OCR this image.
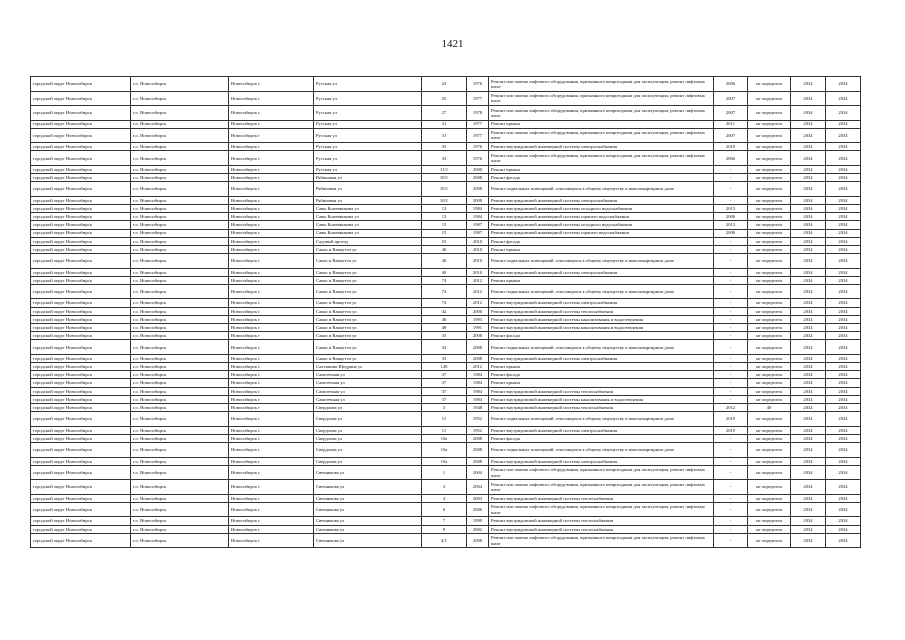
1421
городской округ Новосибирск	г.о. Новосибирск	Новосибирск г	Русская ул	23	1976	Ремонт или замена лифтового оборудования, признанного непригодным для эксплуатации, ремонт лифтовых шахт	2006	не определен	2034	2034
городской округ Новосибирск	г.о. Новосибирск	Новосибирск г	Русская ул	25	1977	Ремонт или замена лифтового оборудования, признанного непригодным для эксплуатации, ремонт лифтовых шахт	2007	не определен	2034	2034
городской округ Новосибирск	г.о. Новосибирск	Новосибирск г	Русская ул	27	1978	Ремонт или замена лифтового оборудования, признанного непригодным для эксплуатации, ремонт лифтовых шахт	2007	не определен	2034	2034
городской округ Новосибирск	г.о. Новосибирск	Новосибирск г	Русская ул	31	1977	Ремонт крыши	2011	не определен	2034	2034
городской округ Новосибирск	г.о. Новосибирск	Новосибирск г	Русская ул	31	1977	Ремонт или замена лифтового оборудования, признанного непригодным для эксплуатации, ремонт лифтовых шахт	2007	не определен	2034	2034
городской округ Новосибирск	г.о. Новосибирск	Новосибирск г	Русская ул	33	1976	Ремонт внутридомовой инженерной системы электроснабжения	2010	не определен	2034	2034
городской округ Новосибирск	г.о. Новосибирск	Новосибирск г	Русская ул	33	1976	Ремонт или замена лифтового оборудования, признанного непригодным для эксплуатации, ремонт лифтовых шахт	2006	не определен	2034	2034
городской округ Новосибирск	г.о. Новосибирск	Новосибирск г	Русская ул	11/1	2000	Ремонт крыши	-	не определен	2034	2034
городской округ Новосибирск	г.о. Новосибирск	Новосибирск г	Рябиновая ул	10/1	2008	Ремонт фасада	-	не определен	2034	2034
городской округ Новосибирск	г.о. Новосибирск	Новосибирск г	Рябиновая ул	10/1	2008	Ремонт подвальных помещений, относящихся к общему имуществу в многоквартирном доме	-	не определен	2034	2034
городской округ Новосибирск	г.о. Новосибирск	Новосибирск г	Рябиновая ул	10/1	2008	Ремонт внутридомовой инженерной системы электроснабжения	-	не определен	2034	2034
городской округ Новосибирск	г.о. Новосибирск	Новосибирск г	Савы Кожевникова ул	13	1984	Ремонт внутридомовой инженерной системы холодного водоснабжения	2013	не определен	2034	2034
городской округ Новосибирск	г.о. Новосибирск	Новосибирск г	Савы Кожевникова ул	13	1984	Ремонт внутридомовой инженерной системы горячего водоснабжения	2006	не определен	2034	2034
городской округ Новосибирск	г.о. Новосибирск	Новосибирск г	Савы Кожевникова ул	15	1987	Ремонт внутридомовой инженерной системы холодного водоснабжения	2013	не определен	2034	2034
городской округ Новосибирск	г.о. Новосибирск	Новосибирск г	Савы Кожевникова ул	15	1987	Ремонт внутридомовой инженерной системы горячего водоснабжения	2006	не определен	2034	2034
городской округ Новосибирск	г.о. Новосибирск	Новосибирск г	Садовый проезд	53	2010	Ремонт фасада	-	не определен	2034	2034
городской округ Новосибирск	г.о. Новосибирск	Новосибирск г	Сакко и Ванцетти ул	40	2010	Ремонт крыши	-	не определен	2034	2034
городской округ Новосибирск	г.о. Новосибирск	Новосибирск г	Сакко и Ванцетти ул	40	2010	Ремонт подвальных помещений, относящихся к общему имуществу в многоквартирном доме	-	не определен	2034	2034
городской округ Новосибирск	г.о. Новосибирск	Новосибирск г	Сакко и Ванцетти ул	40	2010	Ремонт внутридомовой инженерной системы электроснабжения	-	не определен	2034	2034
городской округ Новосибирск	г.о. Новосибирск	Новосибирск г	Сакко и Ванцетти ул	74	2012	Ремонт крыши	-	не определен	2034	2034
городской округ Новосибирск	г.о. Новосибирск	Новосибирск г	Сакко и Ванцетти ул	74	2012	Ремонт подвальных помещений, относящихся к общему имуществу в многоквартирном доме	-	не определен	2034	2034
городской округ Новосибирск	г.о. Новосибирск	Новосибирск г	Сакко и Ванцетти ул	74	2012	Ремонт внутридомовой инженерной системы электроснабжения	-	не определен	2034	2034
городской округ Новосибирск	г.о. Новосибирск	Новосибирск г	Сакко и Ванцетти ул	42	2000	Ремонт внутридомовой инженерной системы теплоснабжения	-	не определен	2034	2034
городской округ Новосибирск	г.о. Новосибирск	Новосибирск г	Сакко и Ванцетти ул	46	1993	Ремонт внутридомовой инженерной системы канализования и водоотведения	-	не определен	2034	2034
городской округ Новосибирск	г.о. Новосибирск	Новосибирск г	Сакко и Ванцетти ул	48	1991	Ремонт внутридомовой инженерной системы канализования и водоотведения	-	не определен	2034	2034
городской округ Новосибирск	г.о. Новосибирск	Новосибирск г	Сакко и Ванцетти ул	33	2008	Ремонт фасада	-	не определен	2034	2034
городской округ Новосибирск	г.о. Новосибирск	Новосибирск г	Сакко и Ванцетти ул	33	2008	Ремонт подвальных помещений, относящихся к общему имуществу в многоквартирном доме	-	не определен	2034	2034
городской округ Новосибирск	г.о. Новосибирск	Новосибирск г	Сакко и Ванцетти ул	33	2008	Ремонт внутридомовой инженерной системы электроснабжения	-	не определен	2034	2034
городской округ Новосибирск	г.о. Новосибирск	Новосибирск г	Салтыкова-Щедрина ул	128	2012	Ремонт крыши	-	не определен	2034	2034
городской округ Новосибирск	г.о. Новосибирск	Новосибирск г	Самотечная ул	37	1984	Ремонт фасада	-	не определен	2034	2034
городской округ Новосибирск	г.о. Новосибирск	Новосибирск г	Самотечная ул	37	1984	Ремонт крыши	-	не определен	2034	2034
городской округ Новосибирск	г.о. Новосибирск	Новосибирск г	Самотечная ул	37	1984	Ремонт внутридомовой инженерной системы теплоснабжения	-	не определен	2034	2034
городской округ Новосибирск	г.о. Новосибирск	Новосибирск г	Самотечная ул	37	1984	Ремонт внутридомовой инженерной системы канализования и водоотведения	-	не определен	2034	2034
городской округ Новосибирск	г.о. Новосибирск	Новосибирск г	Свердлова ул	3	1948	Ремонт внутридомовой инженерной системы теплоснабжения	2012	40	2034	2034
городской округ Новосибирск	г.о. Новосибирск	Новосибирск г	Свердлова ул	11	1952	Ремонт подвальных помещений, относящихся к общему имуществу в многоквартирном доме	2010	не определен	2034	2034
городской округ Новосибирск	г.о. Новосибирск	Новосибирск г	Свердлова ул	11	1952	Ремонт внутридомовой инженерной системы электроснабжения	2010	не определен	2034	2034
городской округ Новосибирск	г.о. Новосибирск	Новосибирск г	Свердлова ул	10а	2008	Ремонт фасада	-	не определен	2034	2034
городской округ Новосибирск	г.о. Новосибирск	Новосибирск г	Свердлова ул	10а	2008	Ремонт подвальных помещений, относящихся к общему имуществу в многоквартирном доме	-	не определен	2034	2034
городской округ Новосибирск	г.о. Новосибирск	Новосибирск г	Свердлова ул	10а	2008	Ремонт внутридомовой инженерной системы электроснабжения	-	не определен	2034	2034
городской округ Новосибирск	г.о. Новосибирск	Новосибирск г	Свечникова ул	1	2004	Ремонт или замена лифтового оборудования, признанного непригодным для эксплуатации, ремонт лифтовых шахт	-	не определен	2034	2034
городской округ Новосибирск	г.о. Новосибирск	Новосибирск г	Свечникова ул	3	2004	Ремонт или замена лифтового оборудования, признанного непригодным для эксплуатации, ремонт лифтовых шахт	-	не определен	2034	2034
городской округ Новосибирск	г.о. Новосибирск	Новосибирск г	Свечникова ул	4	2003	Ремонт внутридомовой инженерной системы теплоснабжения	-	не определен	2034	2034
городской округ Новосибирск	г.о. Новосибирск	Новосибирск г	Свечникова ул	6	2006	Ремонт или замена лифтового оборудования, признанного непригодным для эксплуатации, ремонт лифтовых шахт	-	не определен	2034	2034
городской округ Новосибирск	г.о. Новосибирск	Новосибирск г	Свечникова ул	7	1999	Ремонт внутридомовой инженерной системы теплоснабжения	-	не определен	2034	2034
городской округ Новосибирск	г.о. Новосибирск	Новосибирск г	Свечникова ул	9	2002	Ремонт внутридомовой инженерной системы теплоснабжения	-	не определен	2034	2034
городской округ Новосибирск	г.о. Новосибирск	Новосибирск г	Свечникова ул	4/1	2008	Ремонт или замена лифтового оборудования, признанного непригодным для эксплуатации, ремонт лифтовых шахт	-	не определен	2034	2034
